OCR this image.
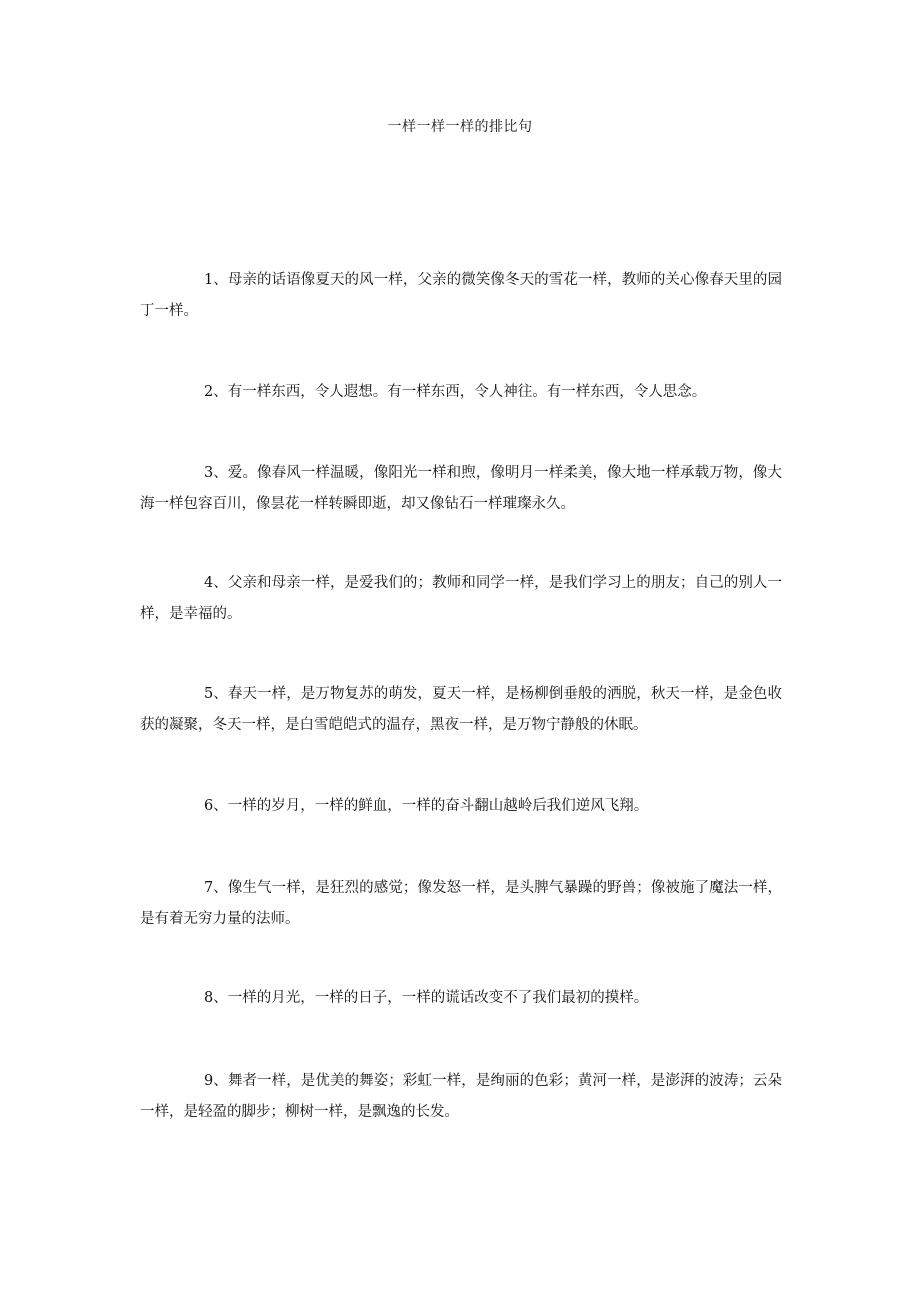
一样一样一样的排比句

1、母亲的话语像夏天的风一样，父亲的微笑像冬天的雪花一样，教师的关心像春天里的园丁一样。

2、有一样东西，令人遐想。有一样东西，令人神往。有一样东西，令人思念。

3、爱。像春风一样温暖，像阳光一样和煦，像明月一样柔美，像大地一样承载万物，像大海一样包容百川，像昙花一样转瞬即逝，却又像钻石一样璀璨永久。

4、父亲和母亲一样，是爱我们的；教师和同学一样，是我们学习上的朋友；自己的别人一样，是幸福的。

5、春天一样，是万物复苏的萌发，夏天一样，是杨柳倒垂般的洒脱，秋天一样，是金色收获的凝聚，冬天一样，是白雪皑皑式的温存，黑夜一样，是万物宁静般的休眠。

6、一样的岁月，一样的鲜血，一样的奋斗翻山越岭后我们逆风飞翔。

7、像生气一样，是狂烈的感觉；像发怒一样，是头脾气暴躁的野兽；像被施了魔法一样，是有着无穷力量的法师。

8、一样的月光，一样的日子，一样的谎话改变不了我们最初的摸样。

9、舞者一样，是优美的舞姿；彩虹一样，是绚丽的色彩；黄河一样，是澎湃的波涛；云朵一样，是轻盈的脚步；柳树一样，是飘逸的长发。
